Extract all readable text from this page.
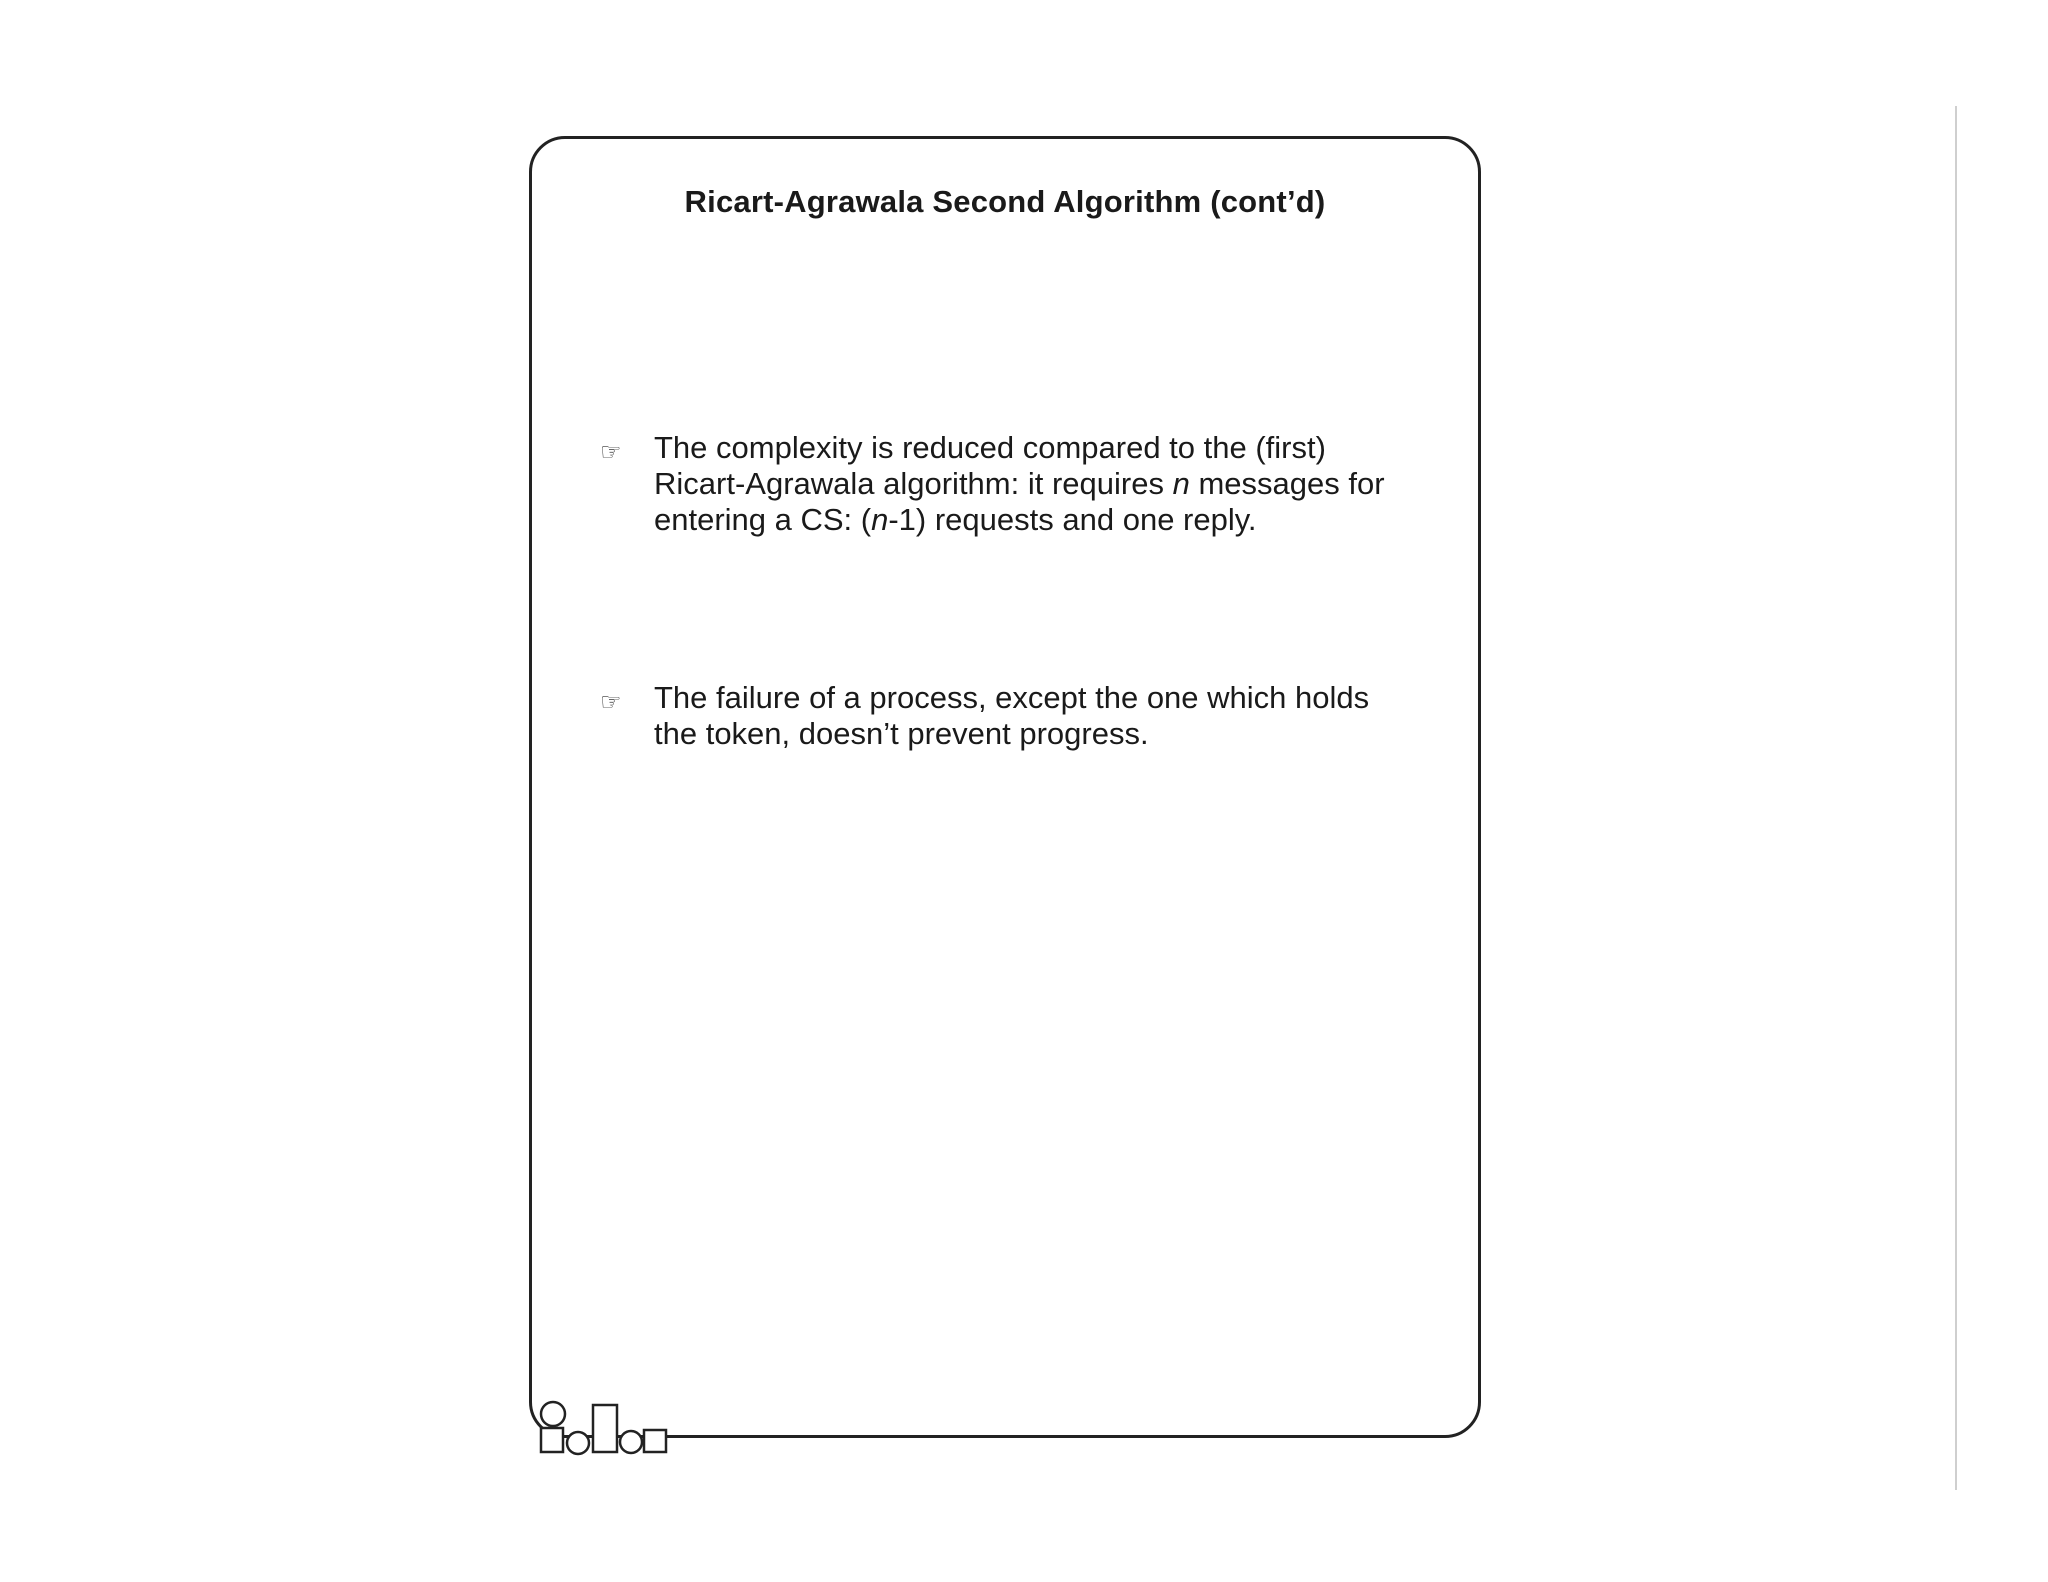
Ricart-Agrawala Second Algorithm (cont’d)
☞	The complexity is reduced compared to the (first) Ricart-Agrawala algorithm: it requires n messages for entering a CS: (n-1) requests and one reply.
☞	The failure of a process, except the one which holds the token, doesn’t prevent progress.
